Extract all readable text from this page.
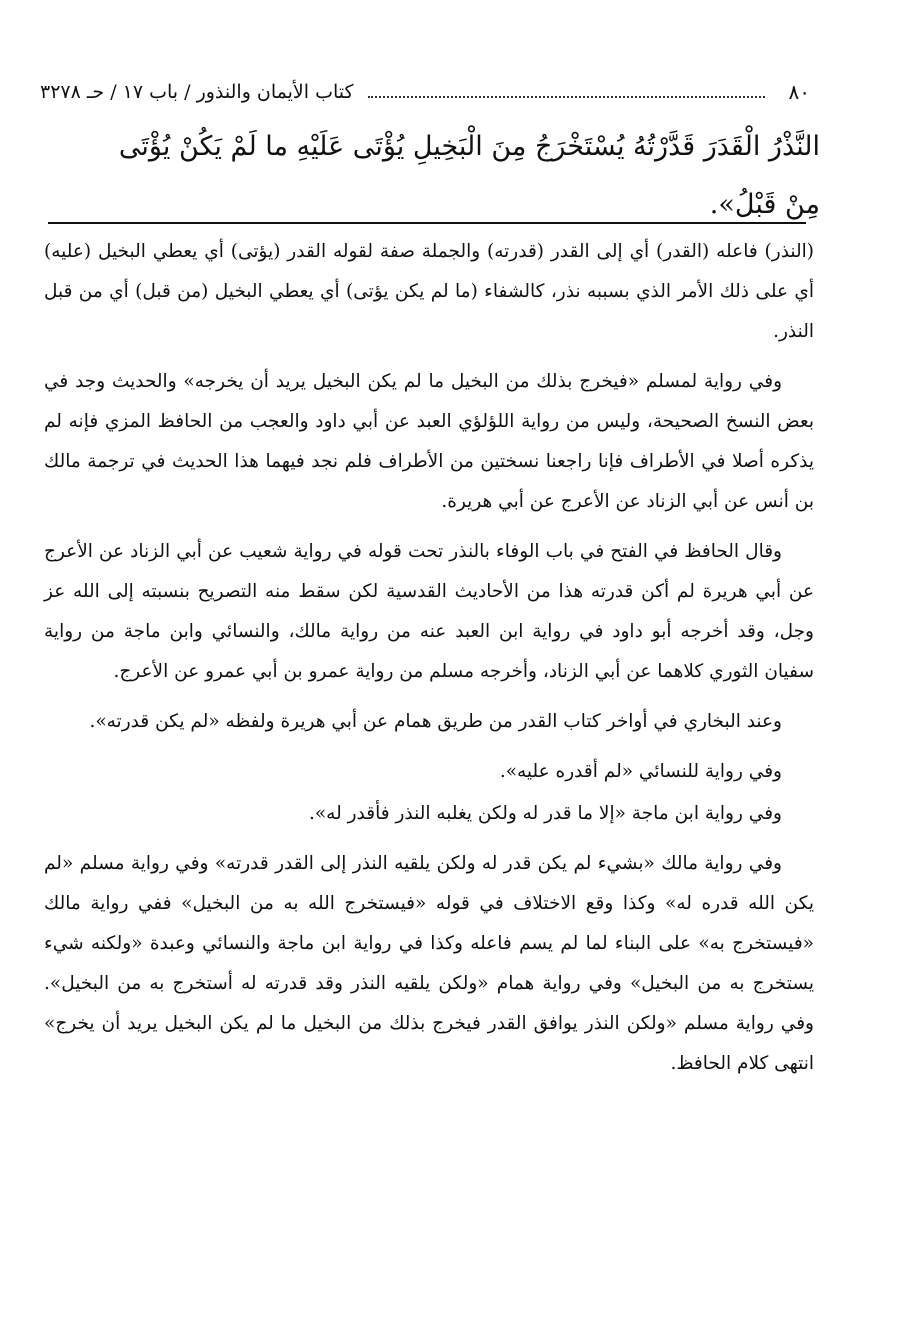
٨٠
كتاب الأيمان والنذور / باب ١٧ / حـ ٣٢٧٨
النَّذْرُ الْقَدَرَ قَدَّرْتُهُ يُسْتَخْرَجُ مِنَ الْبَخِيلِ يُؤْتَى عَلَيْهِ ما لَمْ يَكُنْ يُؤْتَى مِنْ قَبْلُ».

(النذر) فاعله (القدر) أي إلى القدر (قدرته) والجملة صفة لقوله القدر (يؤتى) أي يعطي البخيل (عليه) أي على ذلك الأمر الذي بسببه نذر، كالشفاء (ما لم يكن يؤتى) أي يعطي البخيل (من قبل) أي من قبل النذر.

وفي رواية لمسلم «فيخرج بذلك من البخيل ما لم يكن البخيل يريد أن يخرجه» والحديث وجد في بعض النسخ الصحيحة، وليس من رواية اللؤلؤي العبد عن أبي داود والعجب من الحافظ المزي فإنه لم يذكره أصلا في الأطراف فإنا راجعنا نسختين من الأطراف فلم نجد فيهما هذا الحديث في ترجمة مالك بن أنس عن أبي الزناد عن الأعرج عن أبي هريرة.

وقال الحافظ في الفتح في باب الوفاء بالنذر تحت قوله في رواية شعيب عن أبي الزناد عن الأعرج عن أبي هريرة لم أكن قدرته هذا من الأحاديث القدسية لكن سقط منه التصريح بنسبته إلى الله عز وجل، وقد أخرجه أبو داود في رواية ابن العبد عنه من رواية مالك، والنسائي وابن ماجة من رواية سفيان الثوري كلاهما عن أبي الزناد، وأخرجه مسلم من رواية عمرو بن أبي عمرو عن الأعرج.

وعند البخاري في أواخر كتاب القدر من طريق همام عن أبي هريرة ولفظه «لم يكن قدرته».

وفي رواية للنسائي «لم أقدره عليه».

وفي رواية ابن ماجة «إلا ما قدر له ولكن يغلبه النذر فأقدر له».

وفي رواية مالك «بشيء لم يكن قدر له ولكن يلقيه النذر إلى القدر قدرته» وفي رواية مسلم «لم يكن الله قدره له» وكذا وقع الاختلاف في قوله «فيستخرج الله به من البخيل» ففي رواية مالك «فيستخرج به» على البناء لما لم يسم فاعله وكذا في رواية ابن ماجة والنسائي وعبدة «ولكنه شيء يستخرج به من البخيل» وفي رواية همام «ولكن يلقيه النذر وقد قدرته له أستخرج به من البخيل». وفي رواية مسلم «ولكن النذر يوافق القدر فيخرج بذلك من البخيل ما لم يكن البخيل يريد أن يخرج» انتهى كلام الحافظ.
